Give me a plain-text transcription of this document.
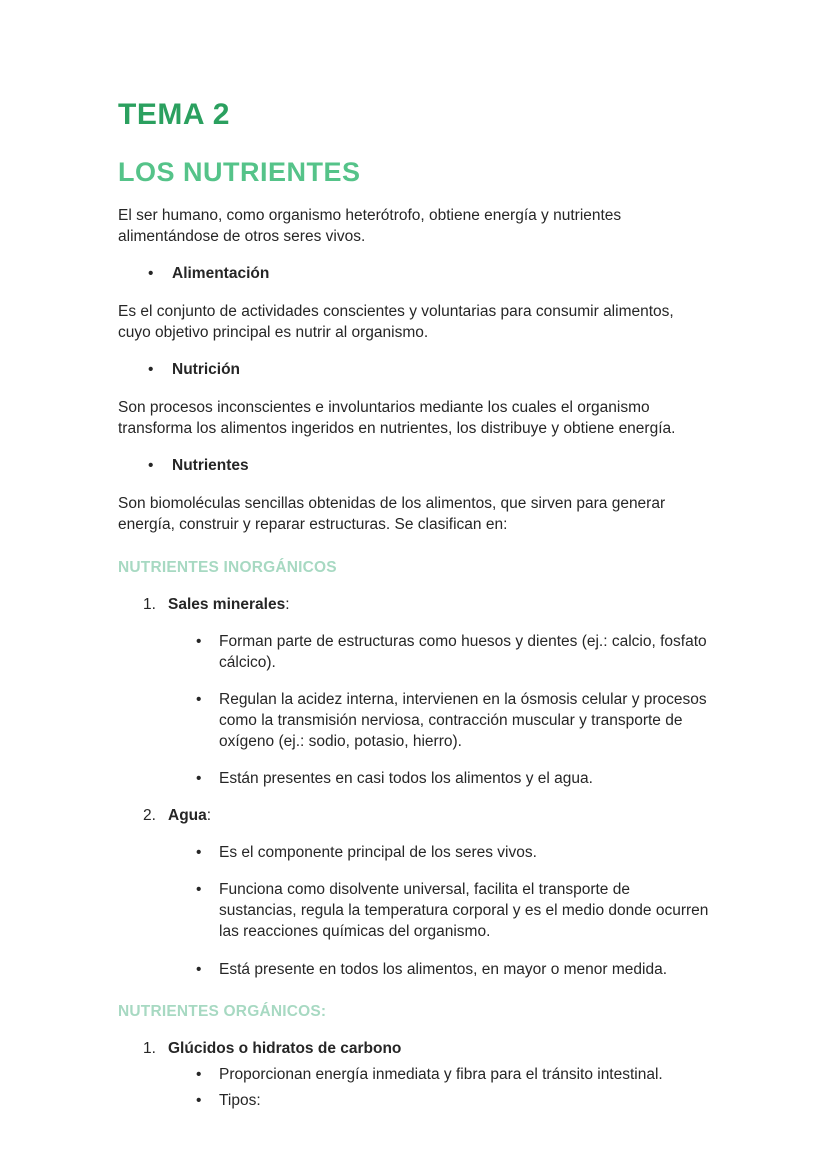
TEMA 2
LOS NUTRIENTES

El ser humano, como organismo heterótrofo, obtiene energía y nutrientes alimentándose de otros seres vivos.

•	Alimentación

Es el conjunto de actividades conscientes y voluntarias para consumir alimentos, cuyo objetivo principal es nutrir al organismo.

•	Nutrición

Son procesos inconscientes e involuntarios mediante los cuales el organismo transforma los alimentos ingeridos en nutrientes, los distribuye y obtiene energía.

•	Nutrientes

Son biomoléculas sencillas obtenidas de los alimentos, que sirven para generar energía, construir y reparar estructuras. Se clasifican en:

NUTRIENTES INORGÁNICOS
1. Sales minerales:
•	Forman parte de estructuras como huesos y dientes (ej.: calcio, fosfato cálcico).
•	Regulan la acidez interna, intervienen en la ósmosis celular y procesos como la transmisión nerviosa, contracción muscular y transporte de oxígeno (ej.: sodio, potasio, hierro).
•	Están presentes en casi todos los alimentos y el agua.
2. Agua:
•	Es el componente principal de los seres vivos.
•	Funciona como disolvente universal, facilita el transporte de sustancias, regula la temperatura corporal y es el medio donde ocurren las reacciones químicas del organismo.
•	Está presente en todos los alimentos, en mayor o menor medida.
NUTRIENTES ORGÁNICOS:
1. Glúcidos o hidratos de carbono
•	Proporcionan energía inmediata y fibra para el tránsito intestinal.
•	Tipos:
